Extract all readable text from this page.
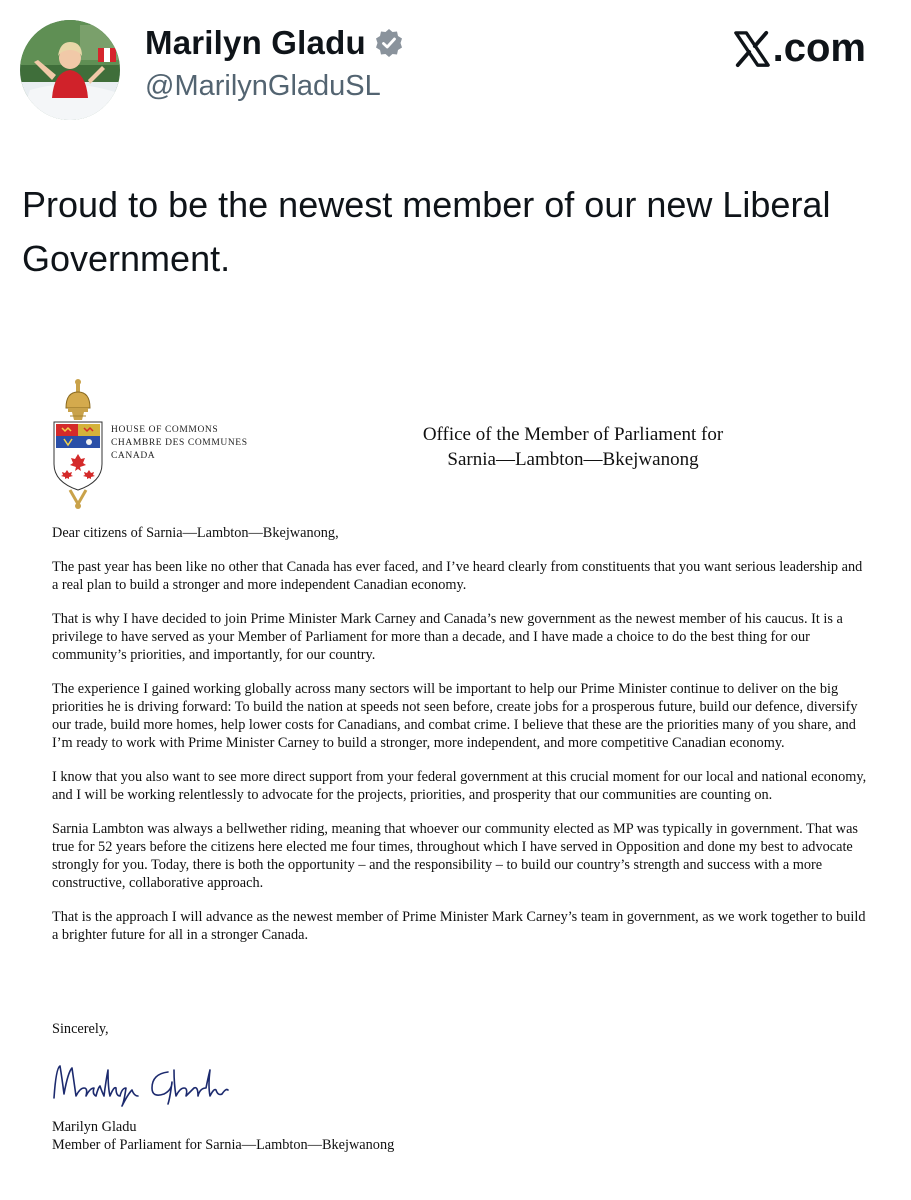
Marilyn Gladu
@MarilynGladuSL
.com
Proud to be the newest member of our new Liberal Government.
HOUSE OF COMMONS
CHAMBRE DES COMMUNES
CANADA
Office of the Member of Parliament for
Sarnia—Lambton—Bkejwanong

Dear citizens of Sarnia—Lambton—Bkejwanong,

The past year has been like no other that Canada has ever faced, and I’ve heard clearly from constituents that you want serious leadership and a real plan to build a stronger and more independent Canadian economy.

That is why I have decided to join Prime Minister Mark Carney and Canada’s new government as the newest member of his caucus. It is a privilege to have served as your Member of Parliament for more than a decade, and I have made a choice to do the best thing for our community’s priorities, and importantly, for our country.

The experience I gained working globally across many sectors will be important to help our Prime Minister continue to deliver on the big priorities he is driving forward: To build the nation at speeds not seen before, create jobs for a prosperous future, build our defence, diversify our trade, build more homes, help lower costs for Canadians, and combat crime. I believe that these are the priorities many of you share, and I’m ready to work with Prime Minister Carney to build a stronger, more independent, and more competitive Canadian economy.

I know that you also want to see more direct support from your federal government at this crucial moment for our local and national economy, and I will be working relentlessly to advocate for the projects, priorities, and prosperity that our communities are counting on.

Sarnia Lambton was always a bellwether riding, meaning that whoever our community elected as MP was typically in government. That was true for 52 years before the citizens here elected me four times, throughout which I have served in Opposition and done my best to advocate strongly for you. Today, there is both the opportunity – and the responsibility – to build our country’s strength and success with a more constructive, collaborative approach.

That is the approach I will advance as the newest member of Prime Minister Mark Carney’s team in government, as we work together to build a brighter future for all in a stronger Canada.

Sincerely,
Marilyn Gladu
Member of Parliament for Sarnia—Lambton—Bkejwanong
